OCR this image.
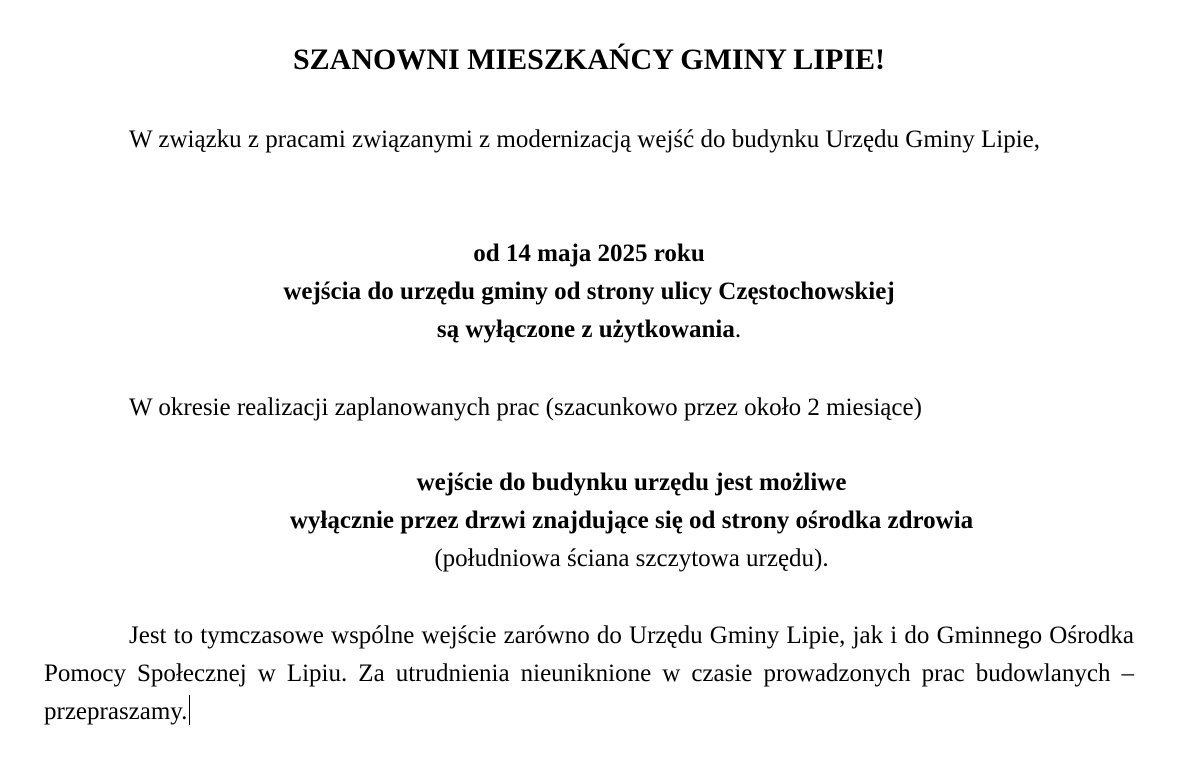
SZANOWNI MIESZKAŃCY GMINY LIPIE!

W związku z pracami związanymi z modernizacją wejść do budynku Urzędu Gminy Lipie,

od 14 maja 2025 roku
wejścia do urzędu gminy od strony ulicy Częstochowskiej
są wyłączone z użytkowania.

W okresie realizacji zaplanowanych prac (szacunkowo przez około 2 miesiące)

wejście do budynku urzędu jest możliwe
wyłącznie przez drzwi znajdujące się od strony ośrodka zdrowia
(południowa ściana szczytowa urzędu).

Jest to tymczasowe wspólne wejście zarówno do Urzędu Gminy Lipie, jak i do Gminnego Ośrodka Pomocy Społecznej w Lipiu. Za utrudnienia nieuniknione w czasie prowadzonych prac budowlanych – przepraszamy.
